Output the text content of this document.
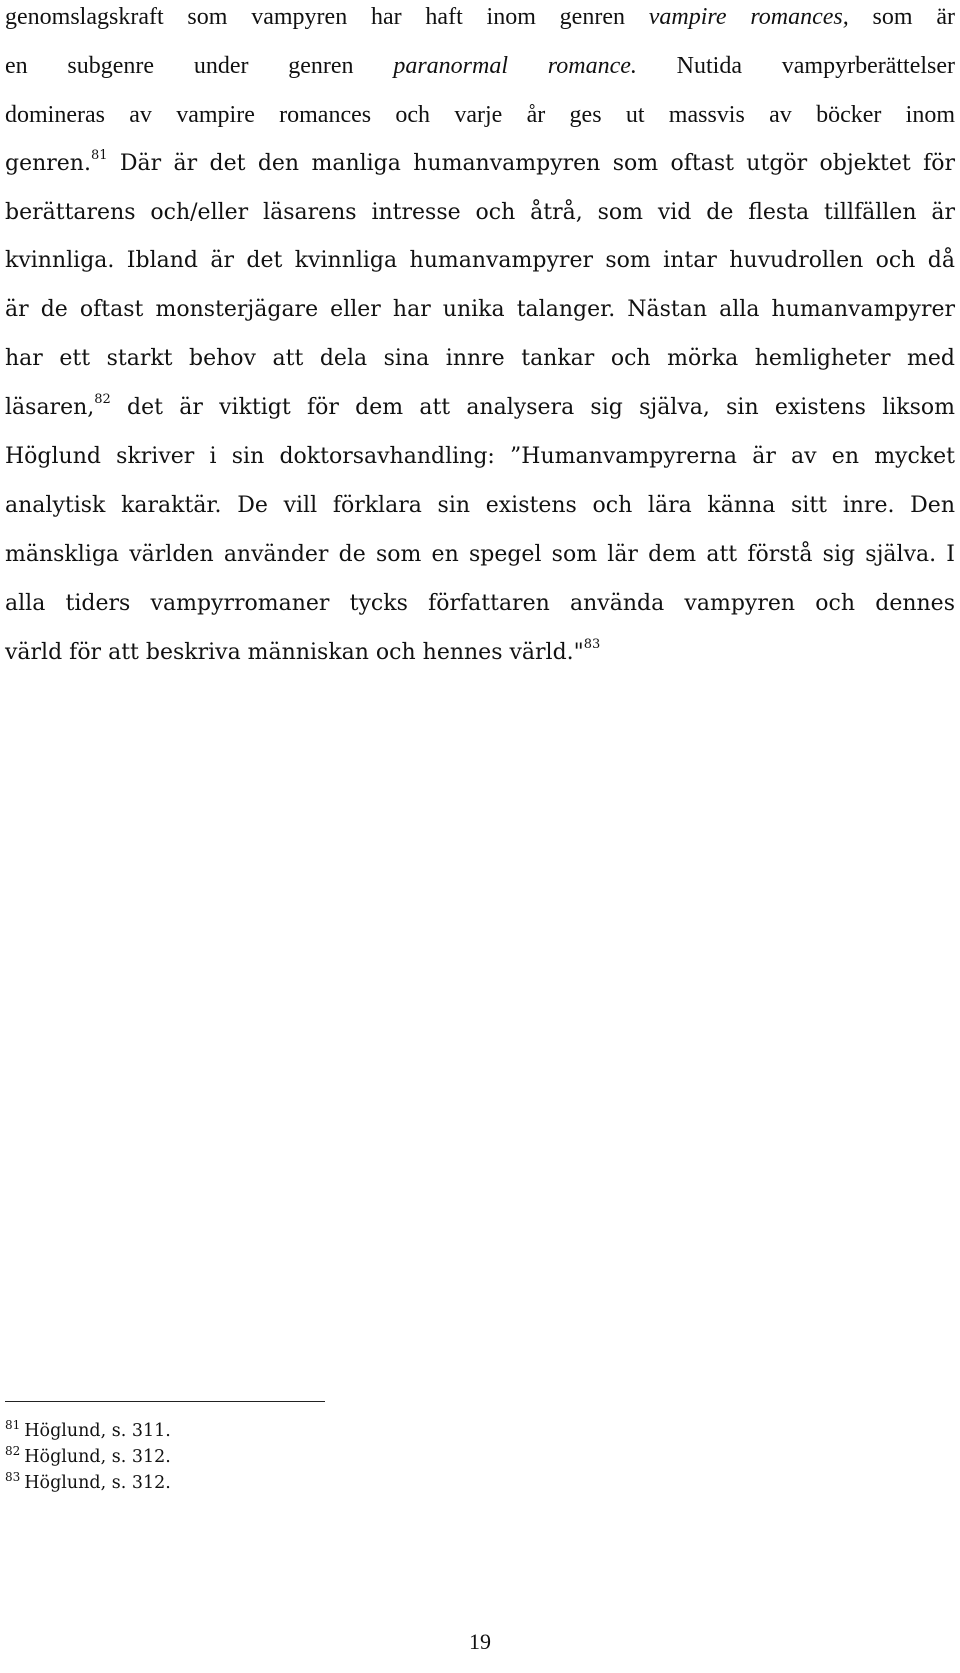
genomslagskraft som vampyren har haft inom genren vampire romances, som är
en subgenre under genren paranormal romance. Nutida vampyrberättelser
domineras av vampire romances och varje år ges ut massvis av böcker inom
genren.$^{81}$ Där är det den manliga humanvampyren som oftast utgör objektet för
berättarens och/eller läsarens intresse och åtrå, som vid de flesta tillfällen är
kvinnliga. Ibland är det kvinnliga humanvampyrer som intar huvudrollen och då
är de oftast monsterjägare eller har unika talanger. Nästan alla humanvampyrer
har ett starkt behov att dela sina innre tankar och mörka hemligheter med
läsaren,$^{82}$ det är viktigt för dem att analysera sig själva, sin existens liksom
Höglund skriver i sin doktorsavhandling: ”Humanvampyrerna är av en mycket
analytisk karaktär. De vill förklara sin existens och lära känna sitt inre. Den
mänskliga världen använder de som en spegel som lär dem att förstå sig själva. I
alla tiders vampyrromaner tycks författaren använda vampyren och dennes
värld för att beskriva människan och hennes värld."$^{83}$
$^{81}$ Höglund, s. 311.
$^{82}$ Höglund, s. 312.
$^{83}$ Höglund, s. 312.
19
